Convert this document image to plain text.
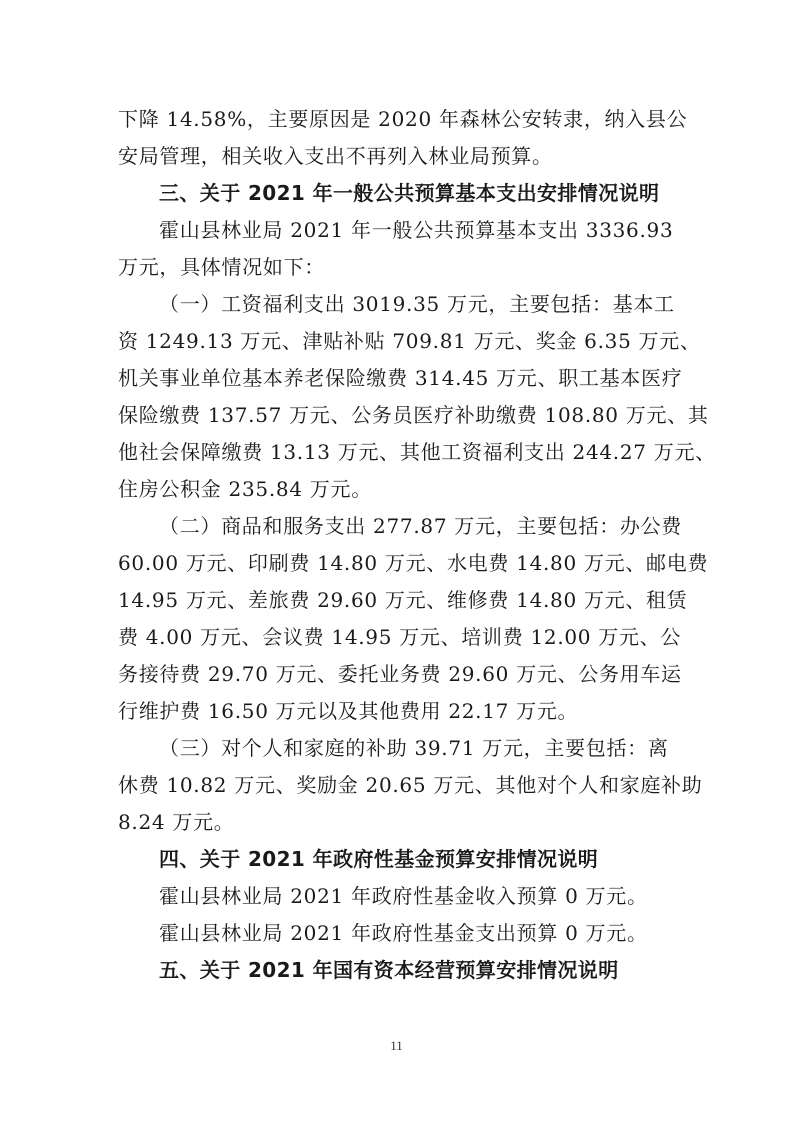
下降 14.58%，主要原因是 2020 年森林公安转隶，纳入县公
安局管理，相关收入支出不再列入林业局预算。
三、关于 2021 年一般公共预算基本支出安排情况说明
霍山县林业局 2021 年一般公共预算基本支出 3336.93
万元，具体情况如下：
（一）工资福利支出 3019.35 万元，主要包括：基本工
资 1249.13 万元、津贴补贴 709.81 万元、奖金 6.35 万元、
机关事业单位基本养老保险缴费 314.45 万元、职工基本医疗
保险缴费 137.57 万元、公务员医疗补助缴费 108.80 万元、其
他社会保障缴费 13.13 万元、其他工资福利支出 244.27 万元、
住房公积金 235.84 万元。
（二）商品和服务支出 277.87 万元，主要包括：办公费
60.00 万元、印刷费 14.80 万元、水电费 14.80 万元、邮电费
14.95 万元、差旅费 29.60 万元、维修费 14.80 万元、租赁
费 4.00 万元、会议费 14.95 万元、培训费 12.00 万元、公
务接待费 29.70 万元、委托业务费 29.60 万元、公务用车运
行维护费 16.50 万元以及其他费用 22.17 万元。
（三）对个人和家庭的补助 39.71 万元，主要包括：离
休费 10.82 万元、奖励金 20.65 万元、其他对个人和家庭补助
8.24 万元。
四、关于 2021 年政府性基金预算安排情况说明
霍山县林业局 2021 年政府性基金收入预算 0 万元。
霍山县林业局 2021 年政府性基金支出预算 0 万元。
五、关于 2021 年国有资本经营预算安排情况说明
11
